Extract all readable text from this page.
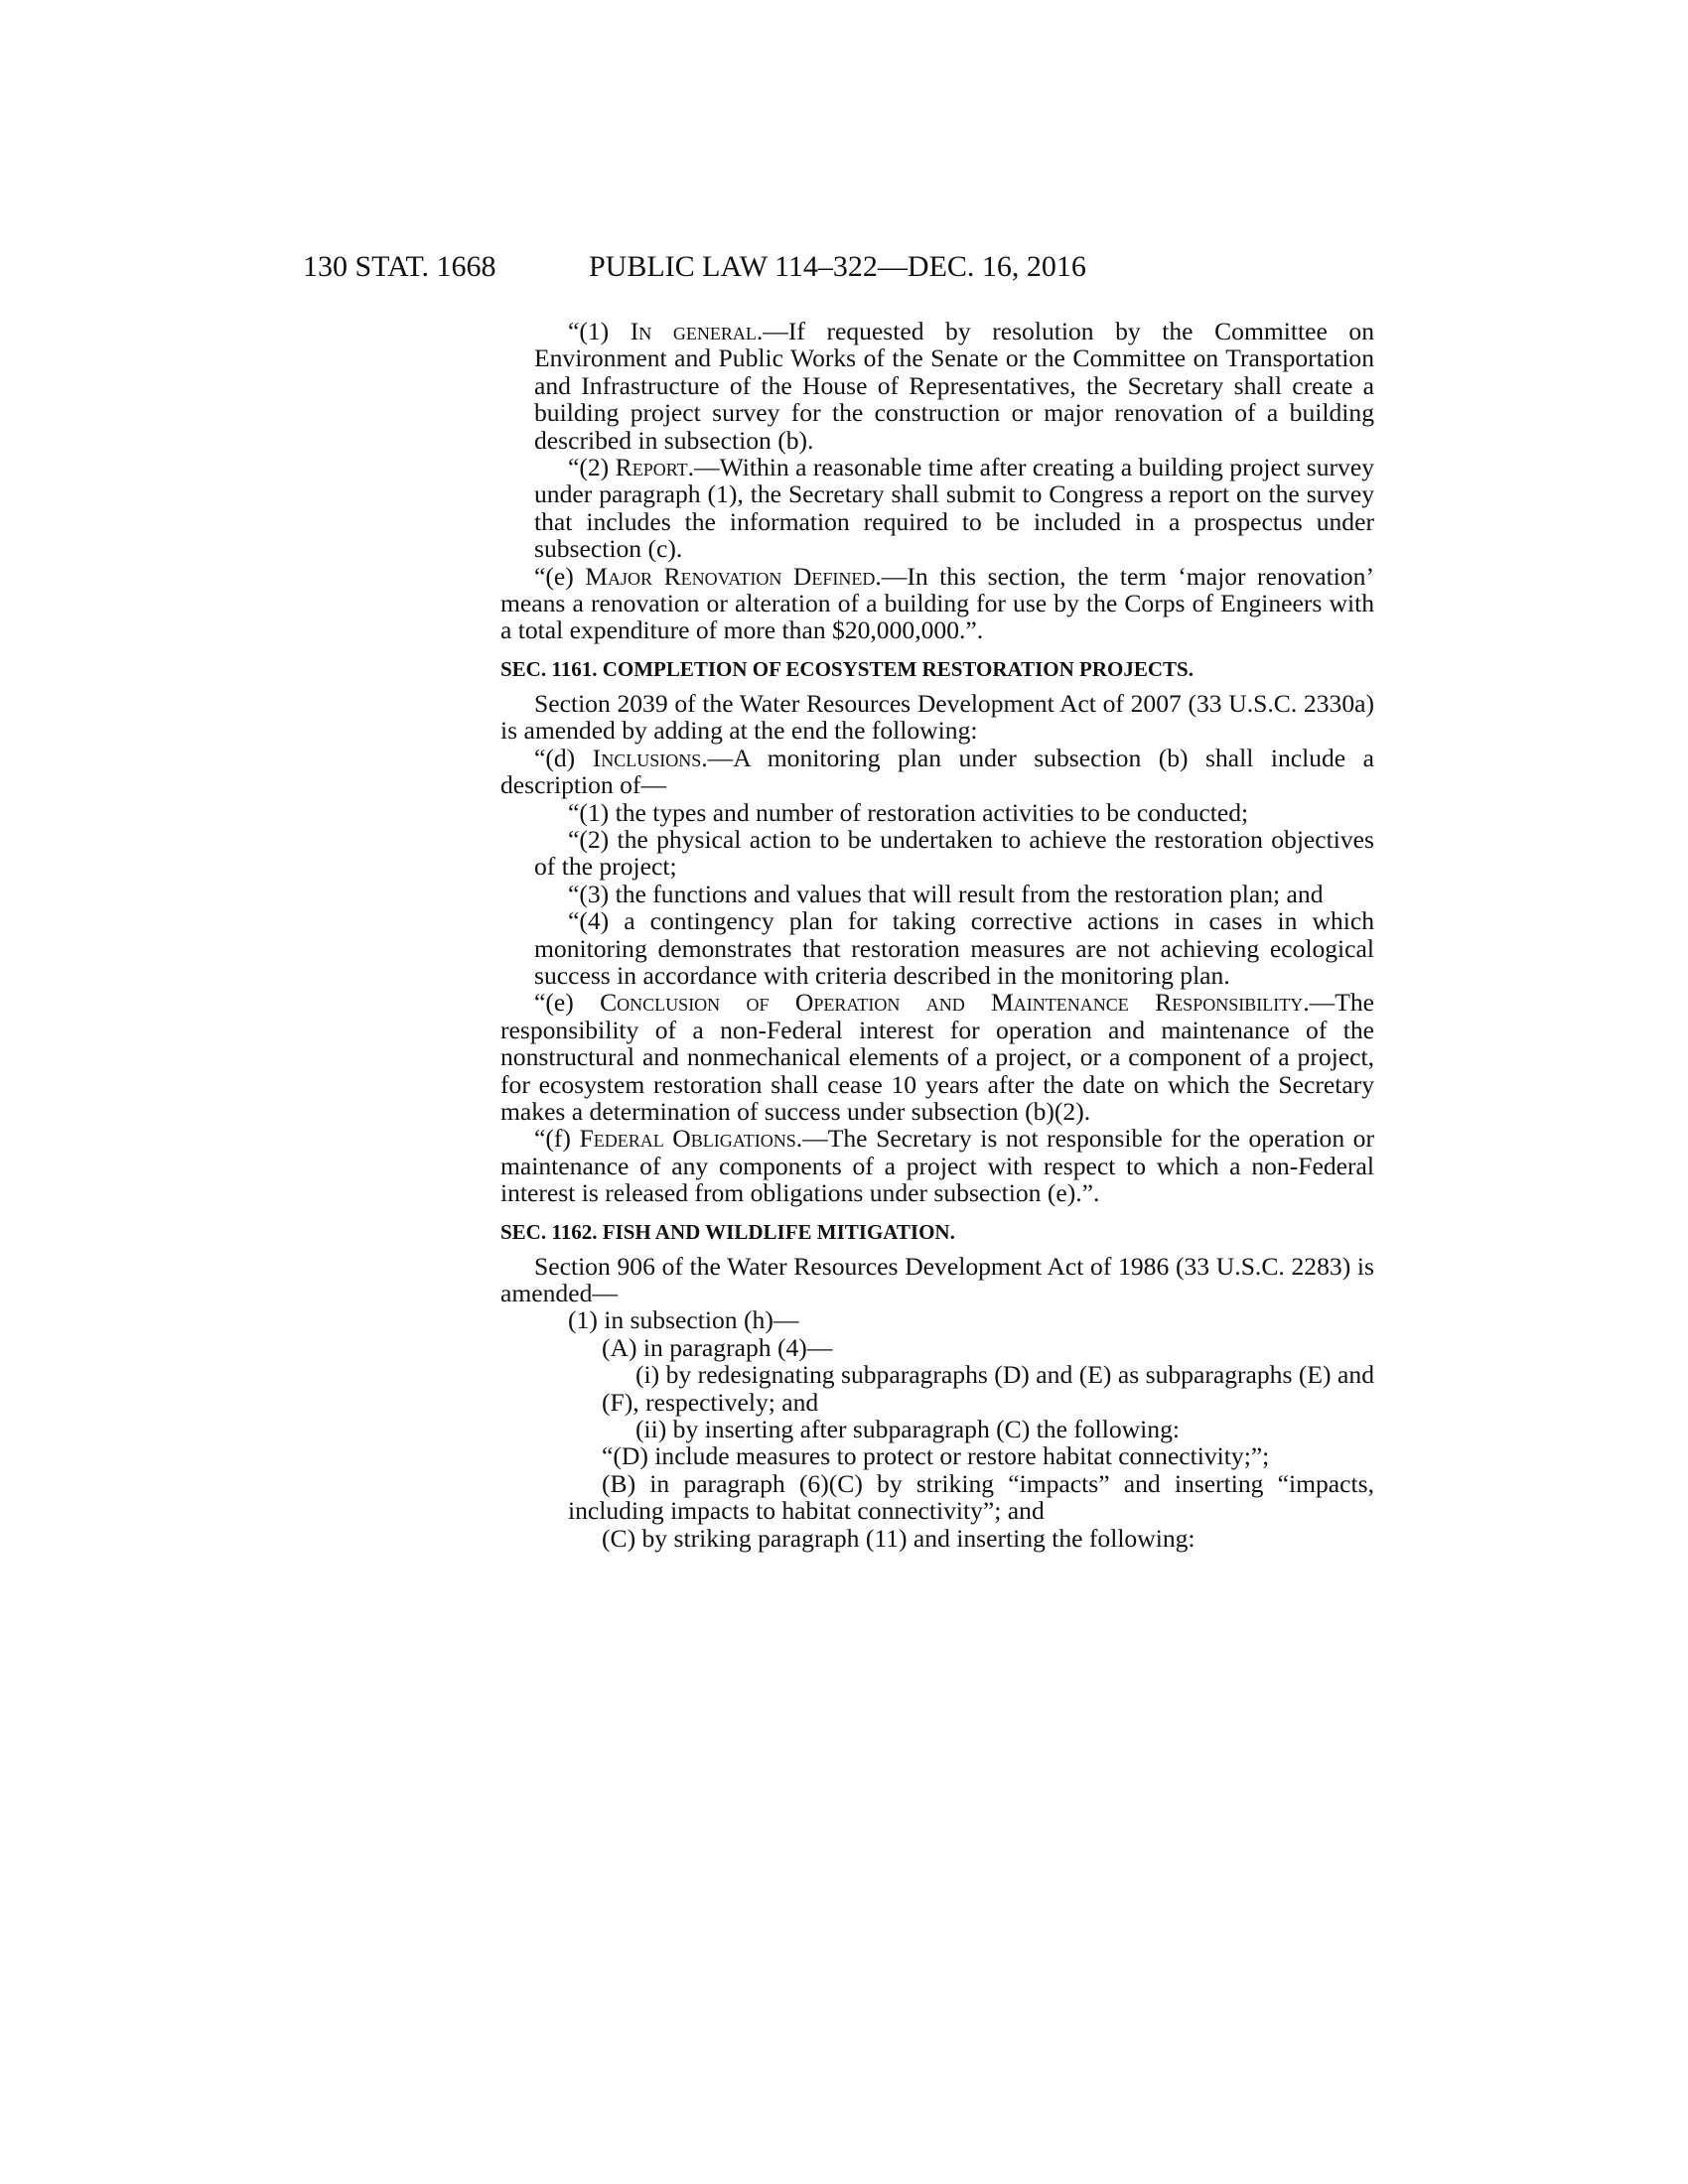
130 STAT. 1668	PUBLIC LAW 114–322—DEC. 16, 2016

“(1) In general.—If requested by resolution by the Committee on Environment and Public Works of the Senate or the Committee on Transportation and Infrastructure of the House of Representatives, the Secretary shall create a building project survey for the construction or major renovation of a building described in subsection (b).

“(2) Report.—Within a reasonable time after creating a building project survey under paragraph (1), the Secretary shall submit to Congress a report on the survey that includes the information required to be included in a prospectus under subsection (c).

“(e) Major Renovation Defined.—In this section, the term ‘major renovation’ means a renovation or alteration of a building for use by the Corps of Engineers with a total expenditure of more than $20,000,000.”.

SEC. 1161. COMPLETION OF ECOSYSTEM RESTORATION PROJECTS.

Section 2039 of the Water Resources Development Act of 2007 (33 U.S.C. 2330a) is amended by adding at the end the following:

“(d) Inclusions.—A monitoring plan under subsection (b) shall include a description of—

“(1) the types and number of restoration activities to be conducted;

“(2) the physical action to be undertaken to achieve the restoration objectives of the project;

“(3) the functions and values that will result from the restoration plan; and

“(4) a contingency plan for taking corrective actions in cases in which monitoring demonstrates that restoration measures are not achieving ecological success in accordance with criteria described in the monitoring plan.

“(e) Conclusion of Operation and Maintenance Responsibility.—The responsibility of a non-Federal interest for operation and maintenance of the nonstructural and nonmechanical elements of a project, or a component of a project, for ecosystem restoration shall cease 10 years after the date on which the Secretary makes a determination of success under subsection (b)(2).

“(f) Federal Obligations.—The Secretary is not responsible for the operation or maintenance of any components of a project with respect to which a non-Federal interest is released from obligations under subsection (e).”.

SEC. 1162. FISH AND WILDLIFE MITIGATION.

Section 906 of the Water Resources Development Act of 1986 (33 U.S.C. 2283) is amended—

(1) in subsection (h)—

(A) in paragraph (4)—

(i) by redesignating subparagraphs (D) and (E) as subparagraphs (E) and (F), respectively; and

(ii) by inserting after subparagraph (C) the following:

“(D) include measures to protect or restore habitat connectivity;”;

(B) in paragraph (6)(C) by striking “impacts” and inserting “impacts, including impacts to habitat connectivity”; and

(C) by striking paragraph (11) and inserting the following:
